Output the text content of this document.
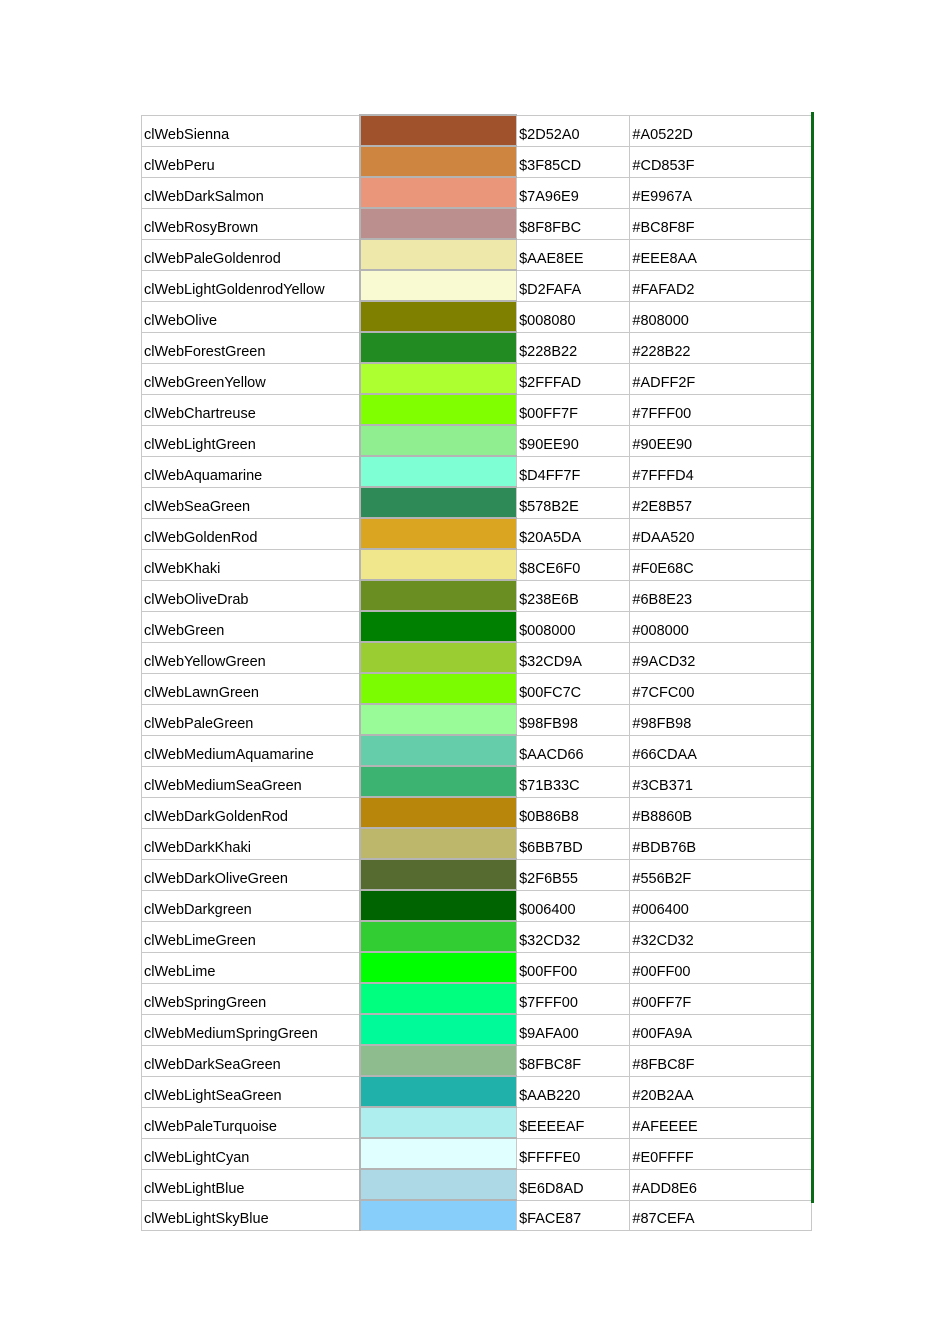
clWebSienna		$2D52A0	#A0522D

clWebPeru		$3F85CD	#CD853F

clWebDarkSalmon		$7A96E9	#E9967A

clWebRosyBrown		$8F8FBC	#BC8F8F

clWebPaleGoldenrod		$AAE8EE	#EEE8AA

clWebLightGoldenrodYellow		$D2FAFA	#FAFAD2

clWebOlive		$008080	#808000

clWebForestGreen		$228B22	#228B22

clWebGreenYellow		$2FFFAD	#ADFF2F

clWebChartreuse		$00FF7F	#7FFF00

clWebLightGreen		$90EE90	#90EE90

clWebAquamarine		$D4FF7F	#7FFFD4

clWebSeaGreen		$578B2E	#2E8B57

clWebGoldenRod		$20A5DA	#DAA520

clWebKhaki		$8CE6F0	#F0E68C

clWebOliveDrab		$238E6B	#6B8E23

clWebGreen		$008000	#008000

clWebYellowGreen		$32CD9A	#9ACD32

clWebLawnGreen		$00FC7C	#7CFC00

clWebPaleGreen		$98FB98	#98FB98

clWebMediumAquamarine		$AACD66	#66CDAA

clWebMediumSeaGreen		$71B33C	#3CB371

clWebDarkGoldenRod		$0B86B8	#B8860B

clWebDarkKhaki		$6BB7BD	#BDB76B

clWebDarkOliveGreen		$2F6B55	#556B2F

clWebDarkgreen		$006400	#006400

clWebLimeGreen		$32CD32	#32CD32

clWebLime		$00FF00	#00FF00

clWebSpringGreen		$7FFF00	#00FF7F

clWebMediumSpringGreen		$9AFA00	#00FA9A

clWebDarkSeaGreen		$8FBC8F	#8FBC8F

clWebLightSeaGreen		$AAB220	#20B2AA

clWebPaleTurquoise		$EEEEAF	#AFEEEE

clWebLightCyan		$FFFFE0	#E0FFFF

clWebLightBlue		$E6D8AD	#ADD8E6

clWebLightSkyBlue		$FACE87	#87CEFA
